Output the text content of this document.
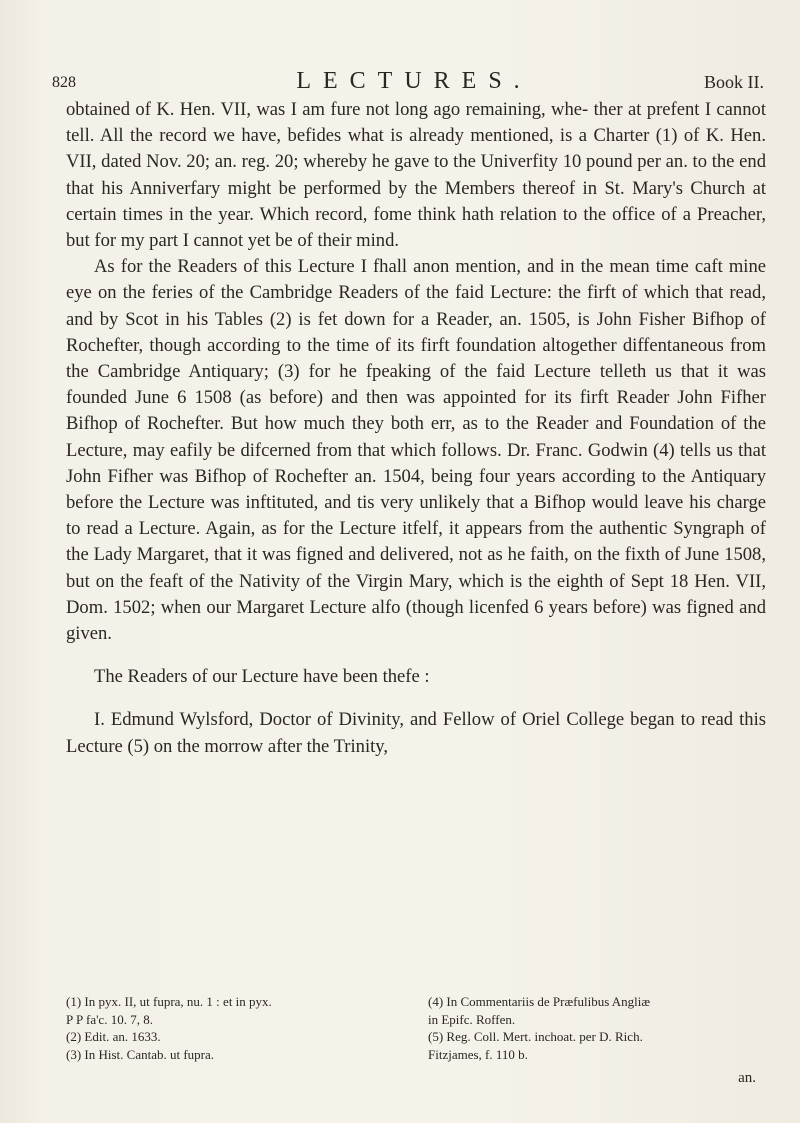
828	LECTURES.	Book II.

obtained of K. Hen. VII, was I am fure not long ago remaining, whe- ther at prefent I cannot tell. All the record we have, befides what is already mentioned, is a Charter (1) of K. Hen. VII, dated Nov. 20; an. reg. 20; whereby he gave to the Univerfity 10 pound per an. to the end that his Anniverfary might be performed by the Members thereof in St. Mary's Church at certain times in the year. Which record, fome think hath relation to the office of a Preacher, but for my part I cannot yet be of their mind.

As for the Readers of this Lecture I fhall anon mention, and in the mean time caft mine eye on the feries of the Cambridge Readers of the faid Lecture: the firft of which that read, and by Scot in his Tables (2) is fet down for a Reader, an. 1505, is John Fisher Bifhop of Rochefter, though according to the time of its firft foundation altogether diffentaneous from the Cambridge Antiquary; (3) for he fpeaking of the faid Lecture telleth us that it was founded June 6 1508 (as before) and then was appointed for its firft Reader John Fifher Bifhop of Rochefter. But how much they both err, as to the Reader and Foundation of the Lecture, may eafily be difcerned from that which follows. Dr. Franc. Godwin (4) tells us that John Fifher was Bifhop of Rochefter an. 1504, being four years according to the Antiquary before the Lecture was inftituted, and tis very unlikely that a Bifhop would leave his charge to read a Lecture. Again, as for the Lecture itfelf, it appears from the authentic Syngraph of the Lady Margaret, that it was figned and delivered, not as he faith, on the fixth of June 1508, but on the feaft of the Nativity of the Virgin Mary, which is the eighth of Sept 18 Hen. VII, Dom. 1502; when our Margaret Lecture alfo (though licenfed 6 years before) was figned and given.

The Readers of our Lecture have been thefe :

I. Edmund Wylsford, Doctor of Divinity, and Fellow of Oriel College began to read this Lecture (5) on the morrow after the Trinity,

(1) In pyx. II, ut fupra, nu. 1 : et in pyx.
P P fa'c. 10. 7, 8.
(2) Edit. an. 1633.
(3) In Hist. Cantab. ut fupra.
(4) In Commentariis de Præfulibus Angliæ
in Epifc. Roffen.
(5) Reg. Coll. Mert. inchoat. per D. Rich.
Fitzjames, f. 110 b.
an.
